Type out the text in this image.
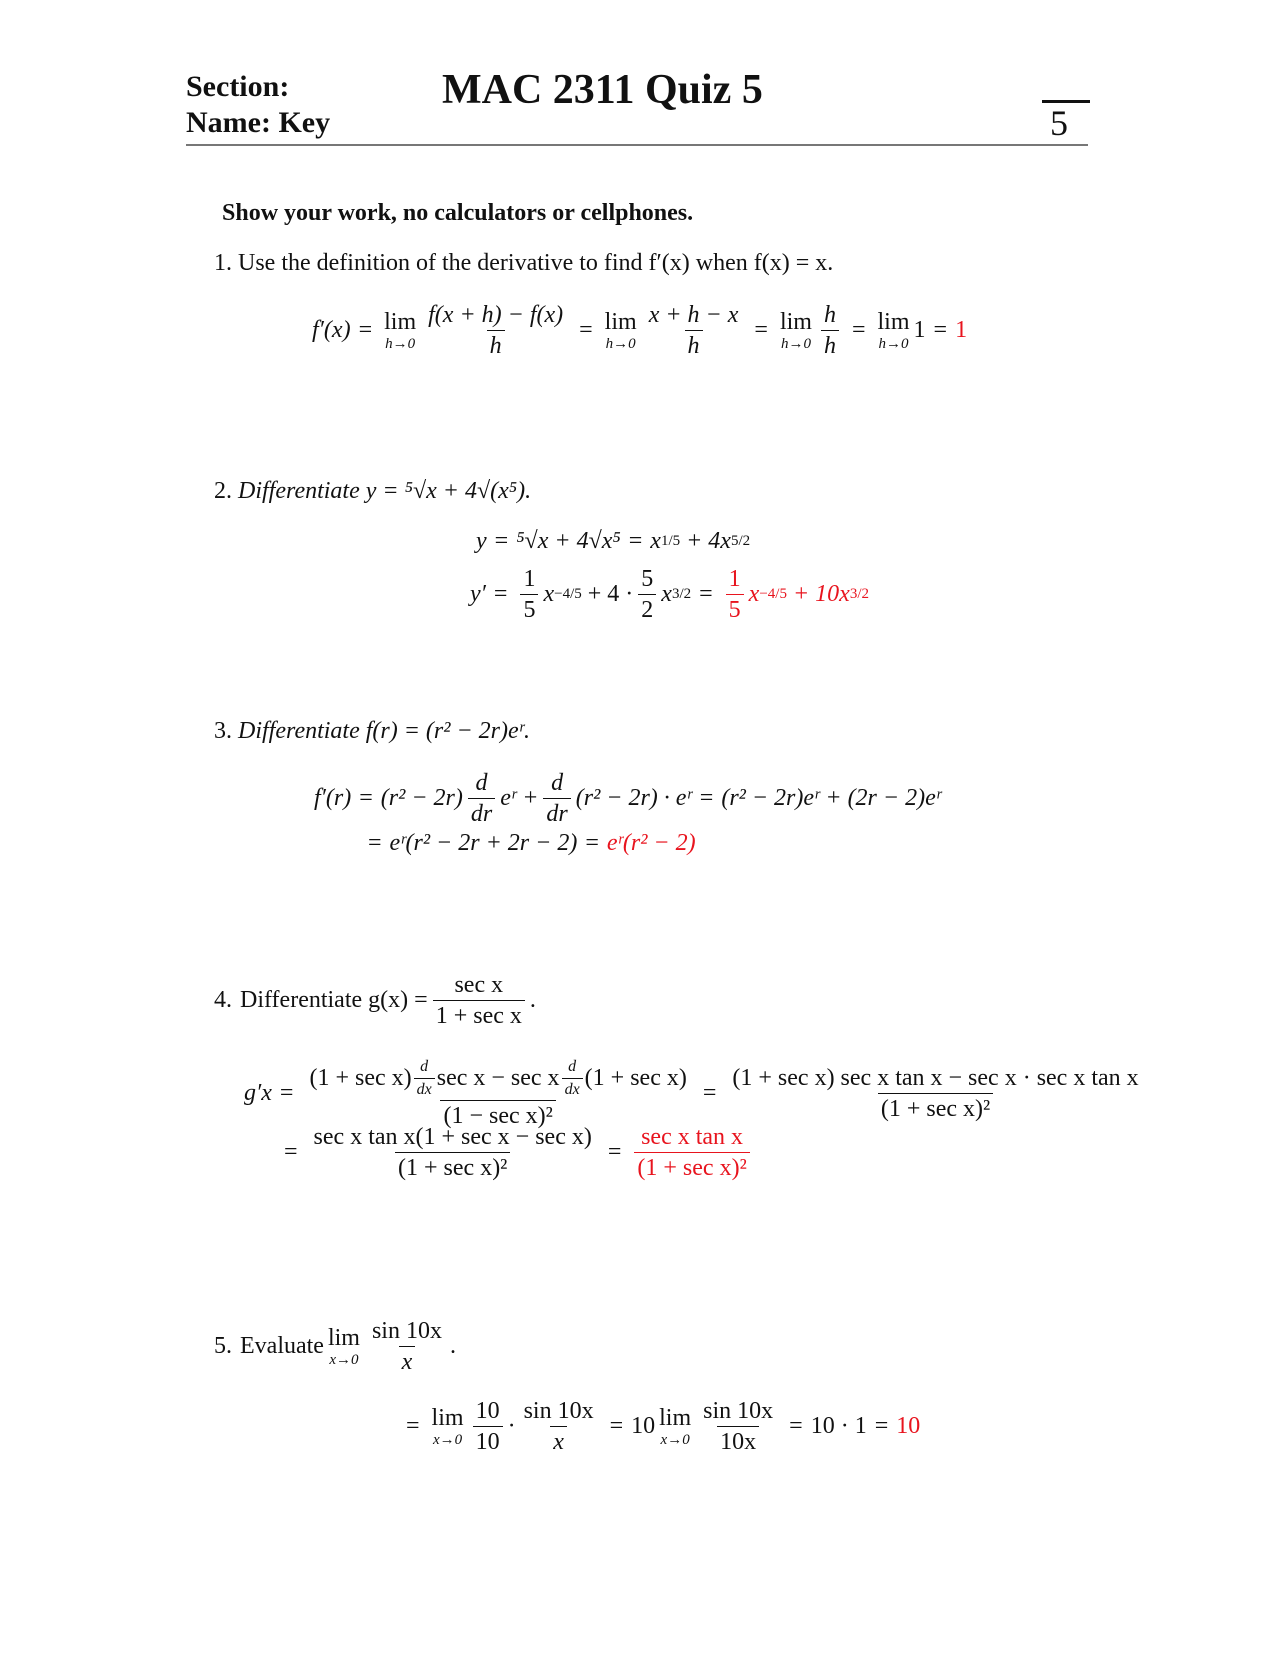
Section:
Name: Key
MAC 2311 Quiz 5
5
Show your work, no calculators or cellphones.
1. Use the definition of the derivative to find f′(x) when f(x) = x.
f′(x) = lim
$h\to 0 \frac{f(x + h) - f(x)}{h} = \lim$
$h\to 0 \frac{x + h - x}{h} = \lim$
$h\to 0 \frac{h}{h} = \lim$
h→0
1 = 1
2. Differentiate y = ⁵√x + 4√(x⁵).
y = ⁵√x + 4√x⁵ = x 1/5 + 4x 5/2
$y' = \frac{1}{5}$ $x -4/5 + 4 \cdot \frac{5}{2}$ x $3/2 = \frac{1}{5}$ x −4/5 + 10x 3/2
3. Differentiate f(r) = (r² − 2r)eʳ.
$f'(r) = (r^2 - 2r) \frac{d}{dr}$ eʳ + $\frac{d}{dr} (r^2 - 2r)$ · eʳ = (r² − 2r)eʳ + (2r − 2)eʳ
= eʳ(r² − 2r + 2r − 2) = eʳ(r² − 2)
4. Differentiate $g(x) = \frac{\text{sec x}}{\text{1 + sec x}}$ .
g′x =
$(1 + \sec x) \frac{d}{dx}$ sec x − sec x $\frac{d}{dx} (1 + \sec x)$
(1 − sec x)²
= $\frac{\text{(1 + sec x) sec x tan x − sec x · sec x tan x}}{\text{(1 + sec x)²}}$
= $\frac{\text{sec x tan x(1 + sec x − sec x)}}{\text{(1 + sec x)²}} = \frac{\text{sec x tan x}}{\text{(1 + sec x)²}}$
5. Evaluate lim
$x\to 0 \frac{\sin 10x}{x}$ .
= lim
$x\to 0 \frac{10}{10} \cdot \frac{\sin 10x}{x} = 10$ lim
$x\to 0 \frac{\sin 10x}{10x} = 10 \cdot 1 = 10$
